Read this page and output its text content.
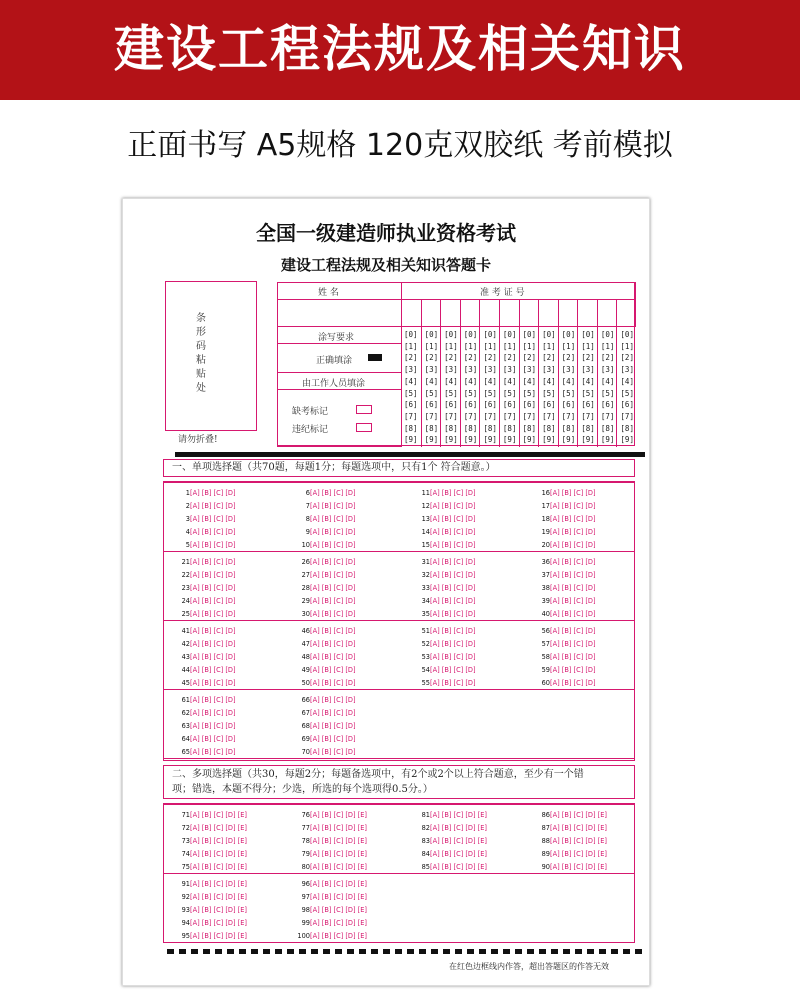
建设工程法规及相关知识
正面书写 A5规格 120克双胶纸 考前模拟
全国一级建造师执业资格考试
建设工程法规及相关知识答题卡
条形码粘贴处
请勿折叠!
姓 名	准 考 证 号
涂写要求
正确填涂
由工作人员填涂
缺考标记
违纪标记
[0]
[1]
[2]
[3]
[4]
[5]
[6]
[7]
[8]
[9]
[0]
[1]
[2]
[3]
[4]
[5]
[6]
[7]
[8]
[9]
[0]
[1]
[2]
[3]
[4]
[5]
[6]
[7]
[8]
[9]
[0]
[1]
[2]
[3]
[4]
[5]
[6]
[7]
[8]
[9]
[0]
[1]
[2]
[3]
[4]
[5]
[6]
[7]
[8]
[9]
[0]
[1]
[2]
[3]
[4]
[5]
[6]
[7]
[8]
[9]
[0]
[1]
[2]
[3]
[4]
[5]
[6]
[7]
[8]
[9]
[0]
[1]
[2]
[3]
[4]
[5]
[6]
[7]
[8]
[9]
[0]
[1]
[2]
[3]
[4]
[5]
[6]
[7]
[8]
[9]
[0]
[1]
[2]
[3]
[4]
[5]
[6]
[7]
[8]
[9]
[0]
[1]
[2]
[3]
[4]
[5]
[6]
[7]
[8]
[9]
[0]
[1]
[2]
[3]
[4]
[5]
[6]
[7]
[8]
[9]
一、单项选择题（共70题，每题1分；每题选项中，只有1个 符合题意。）
1[A] [B] [C] [D]
2[A] [B] [C] [D]
3[A] [B] [C] [D]
4[A] [B] [C] [D]
5[A] [B] [C] [D]
6[A] [B] [C] [D]
7[A] [B] [C] [D]
8[A] [B] [C] [D]
9[A] [B] [C] [D]
10[A] [B] [C] [D]
11[A] [B] [C] [D]
12[A] [B] [C] [D]
13[A] [B] [C] [D]
14[A] [B] [C] [D]
15[A] [B] [C] [D]
16[A] [B] [C] [D]
17[A] [B] [C] [D]
18[A] [B] [C] [D]
19[A] [B] [C] [D]
20[A] [B] [C] [D]
21[A] [B] [C] [D]
22[A] [B] [C] [D]
23[A] [B] [C] [D]
24[A] [B] [C] [D]
25[A] [B] [C] [D]
26[A] [B] [C] [D]
27[A] [B] [C] [D]
28[A] [B] [C] [D]
29[A] [B] [C] [D]
30[A] [B] [C] [D]
31[A] [B] [C] [D]
32[A] [B] [C] [D]
33[A] [B] [C] [D]
34[A] [B] [C] [D]
35[A] [B] [C] [D]
36[A] [B] [C] [D]
37[A] [B] [C] [D]
38[A] [B] [C] [D]
39[A] [B] [C] [D]
40[A] [B] [C] [D]
41[A] [B] [C] [D]
42[A] [B] [C] [D]
43[A] [B] [C] [D]
44[A] [B] [C] [D]
45[A] [B] [C] [D]
46[A] [B] [C] [D]
47[A] [B] [C] [D]
48[A] [B] [C] [D]
49[A] [B] [C] [D]
50[A] [B] [C] [D]
51[A] [B] [C] [D]
52[A] [B] [C] [D]
53[A] [B] [C] [D]
54[A] [B] [C] [D]
55[A] [B] [C] [D]
56[A] [B] [C] [D]
57[A] [B] [C] [D]
58[A] [B] [C] [D]
59[A] [B] [C] [D]
60[A] [B] [C] [D]
61[A] [B] [C] [D]
62[A] [B] [C] [D]
63[A] [B] [C] [D]
64[A] [B] [C] [D]
65[A] [B] [C] [D]
66[A] [B] [C] [D]
67[A] [B] [C] [D]
68[A] [B] [C] [D]
69[A] [B] [C] [D]
70[A] [B] [C] [D]
二、多项选择题（共30，每题2分；每题备选项中，有2个或2个以上符合题意，至少有一个错
项；错选，本题不得分；少选，所选的每个选项得0.5分。）
71[A] [B] [C] [D] [E]
72[A] [B] [C] [D] [E]
73[A] [B] [C] [D] [E]
74[A] [B] [C] [D] [E]
75[A] [B] [C] [D] [E]
76[A] [B] [C] [D] [E]
77[A] [B] [C] [D] [E]
78[A] [B] [C] [D] [E]
79[A] [B] [C] [D] [E]
80[A] [B] [C] [D] [E]
81[A] [B] [C] [D] [E]
82[A] [B] [C] [D] [E]
83[A] [B] [C] [D] [E]
84[A] [B] [C] [D] [E]
85[A] [B] [C] [D] [E]
86[A] [B] [C] [D] [E]
87[A] [B] [C] [D] [E]
88[A] [B] [C] [D] [E]
89[A] [B] [C] [D] [E]
90[A] [B] [C] [D] [E]
91[A] [B] [C] [D] [E]
92[A] [B] [C] [D] [E]
93[A] [B] [C] [D] [E]
94[A] [B] [C] [D] [E]
95[A] [B] [C] [D] [E]
96[A] [B] [C] [D] [E]
97[A] [B] [C] [D] [E]
98[A] [B] [C] [D] [E]
99[A] [B] [C] [D] [E]
100[A] [B] [C] [D] [E]
在红色边框线内作答，超出答题区的作答无效
